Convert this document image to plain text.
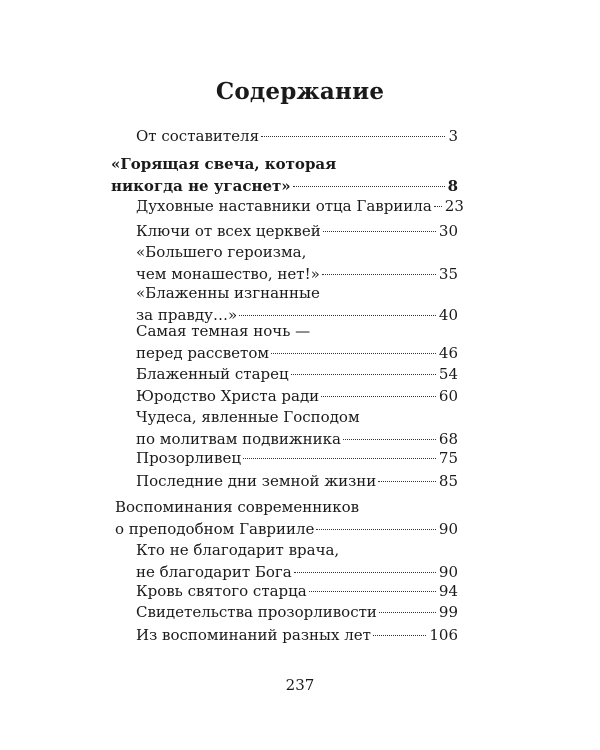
Содержание
От составителя	3
«Горящая свеча, которая
никогда не угаснет»	8
Духовные наставники отца Гавриила 23
Ключи от всех церквей	30
«Большего героизма,
чем монашество, нет!»	35
«Блаженны изгнанные
за правду…»	40
Самая темная ночь —
перед рассветом	46
Блаженный старец	54
Юродство Христа ради	60
Чудеса, явленные Господом
по молитвам подвижника	68
Прозорливец	75
Последние дни земной жизни	85
Воспоминания современников
о преподобном Гаврииле	90
Кто не благодарит врача,
не благодарит Бога	90
Кровь святого старца	94
Свидетельства прозорливости	99
Из воспоминаний разных лет	106
237
